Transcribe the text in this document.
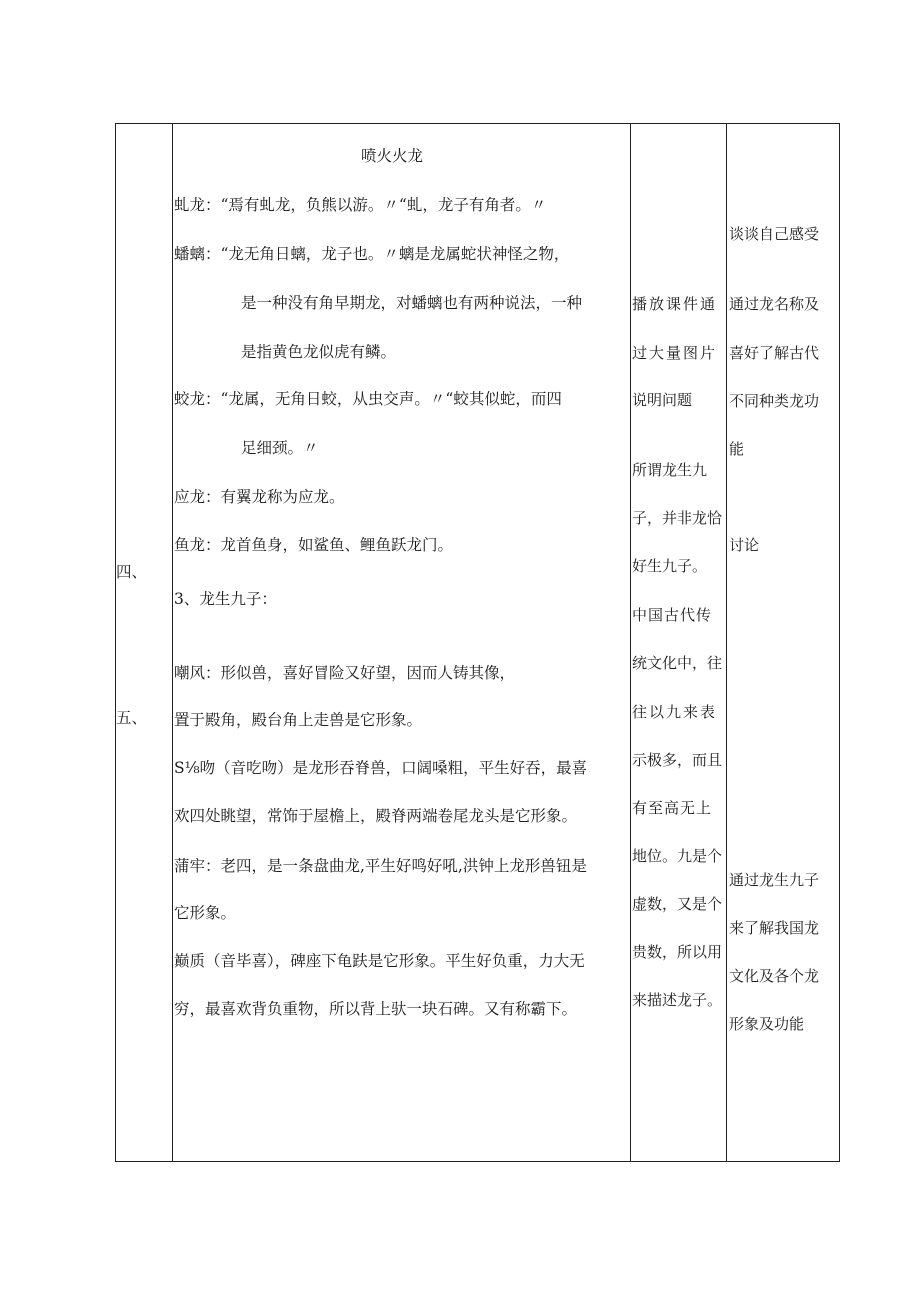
四、
五、
喷火火龙
虬龙：“焉有虬龙，负熊以游。〃“虬，龙子有角者。〃
蟠螭：“龙无角日螭，龙子也。〃螭是龙属蛇状神怪之物，
是一种没有角早期龙，对蟠螭也有两种说法，一种
是指黄色龙似虎有鳞。
蛟龙：“龙属，无角日蛟，从虫交声。〃“蛟其似蛇，而四
足细颈。〃
应龙：有翼龙称为应龙。
鱼龙：龙首鱼身，如鲨鱼、鲤鱼跃龙门。
3、龙生九子：
嘲风：形似兽，喜好冒险又好望，因而人铸其像，
置于殿角，殿台角上走兽是它形象。
S⅛吻（音吃吻）是龙形吞脊兽，口阔嗓粗，平生好吞，最喜
欢四处眺望，常饰于屋檐上，殿脊两端卷尾龙头是它形象。
蒲牢：老四，是一条盘曲龙,平生好鸣好吼,洪钟上龙形兽钮是
它形象。
巅质（音毕喜），碑座下龟趺是它形象。平生好负重，力大无
穷，最喜欢背负重物，所以背上驮一块石碑。又有称霸下。
播放课件通
过大量图片
说明问题
所谓龙生九
子，并非龙恰
好生九子。
中国古代传
统文化中，往
往以九来表
示极多，而且
有至高无上
地位。九是个
虚数，又是个
贵数，所以用
来描述龙子。
谈谈自己感受
通过龙名称及
喜好了解古代
不同种类龙功
能
讨论
通过龙生九子
来了解我国龙
文化及各个龙
形象及功能
